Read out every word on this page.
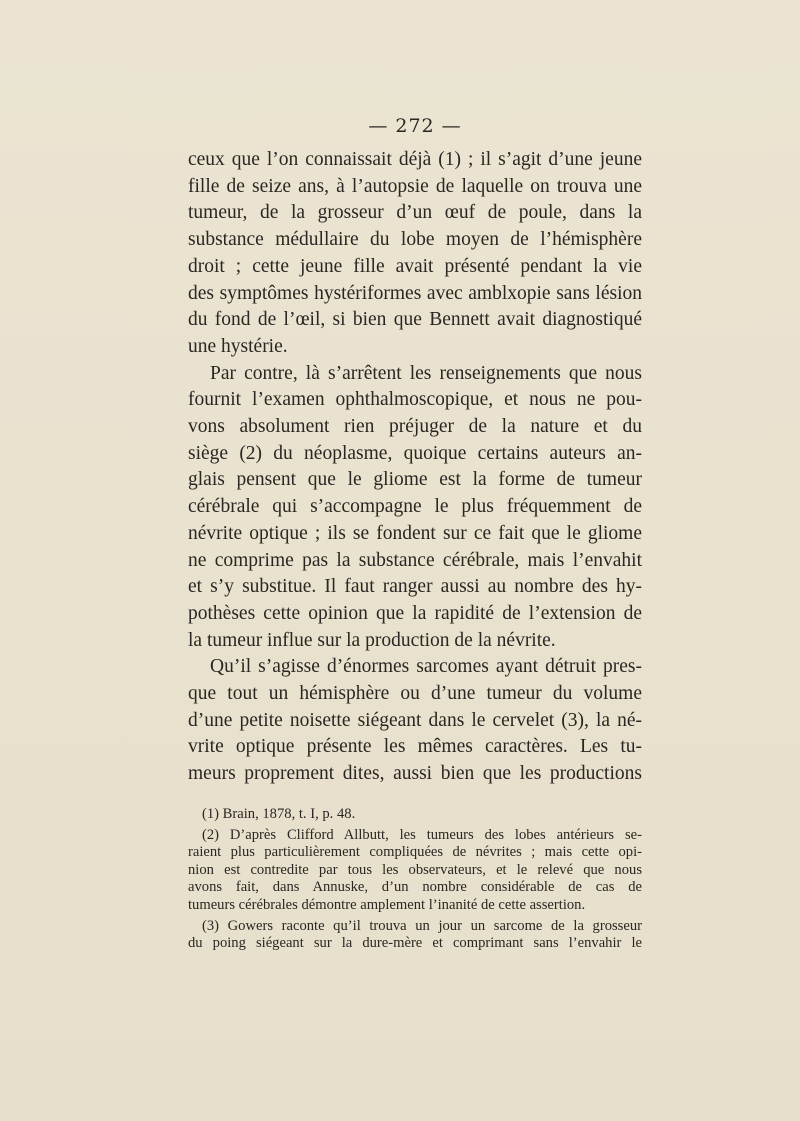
— 272 —
ceux que l’on connaissait déjà (1) ; il s’agit d’une jeune
fille de seize ans, à l’autopsie de laquelle on trouva une
tumeur, de la grosseur d’un œuf de poule, dans la
substance médullaire du lobe moyen de l’hémisphère
droit ; cette jeune fille avait présenté pendant la vie
des symptômes hystériformes avec amblxopie sans lésion
du fond de l’œil, si bien que Bennett avait diagnostiqué
une hystérie.
Par contre, là s’arrêtent les renseignements que nous
fournit l’examen ophthalmoscopique, et nous ne pou-
vons absolument rien préjuger de la nature et du
siège (2) du néoplasme, quoique certains auteurs an-
glais pensent que le gliome est la forme de tumeur
cérébrale qui s’accompagne le plus fréquemment de
névrite optique ; ils se fondent sur ce fait que le gliome
ne comprime pas la substance cérébrale, mais l’envahit
et s’y substitue. Il faut ranger aussi au nombre des hy-
pothèses cette opinion que la rapidité de l’extension de
la tumeur influe sur la production de la névrite.
Qu’il s’agisse d’énormes sarcomes ayant détruit pres-
que tout un hémisphère ou d’une tumeur du volume
d’une petite noisette siégeant dans le cervelet (3), la né-
vrite optique présente les mêmes caractères. Les tu-
meurs proprement dites, aussi bien que les productions
(1) Brain, 1878, t. I, p. 48.
(2) D’après Clifford Allbutt, les tumeurs des lobes antérieurs se-
raient plus particulièrement compliquées de névrites ; mais cette opi-
nion est contredite par tous les observateurs, et le relevé que nous
avons fait, dans Annuske, d’un nombre considérable de cas de
tumeurs cérébrales démontre amplement l’inanité de cette assertion.
(3) Gowers raconte qu’il trouva un jour un sarcome de la grosseur
du poing siégeant sur la dure-mère et comprimant sans l’envahir le
